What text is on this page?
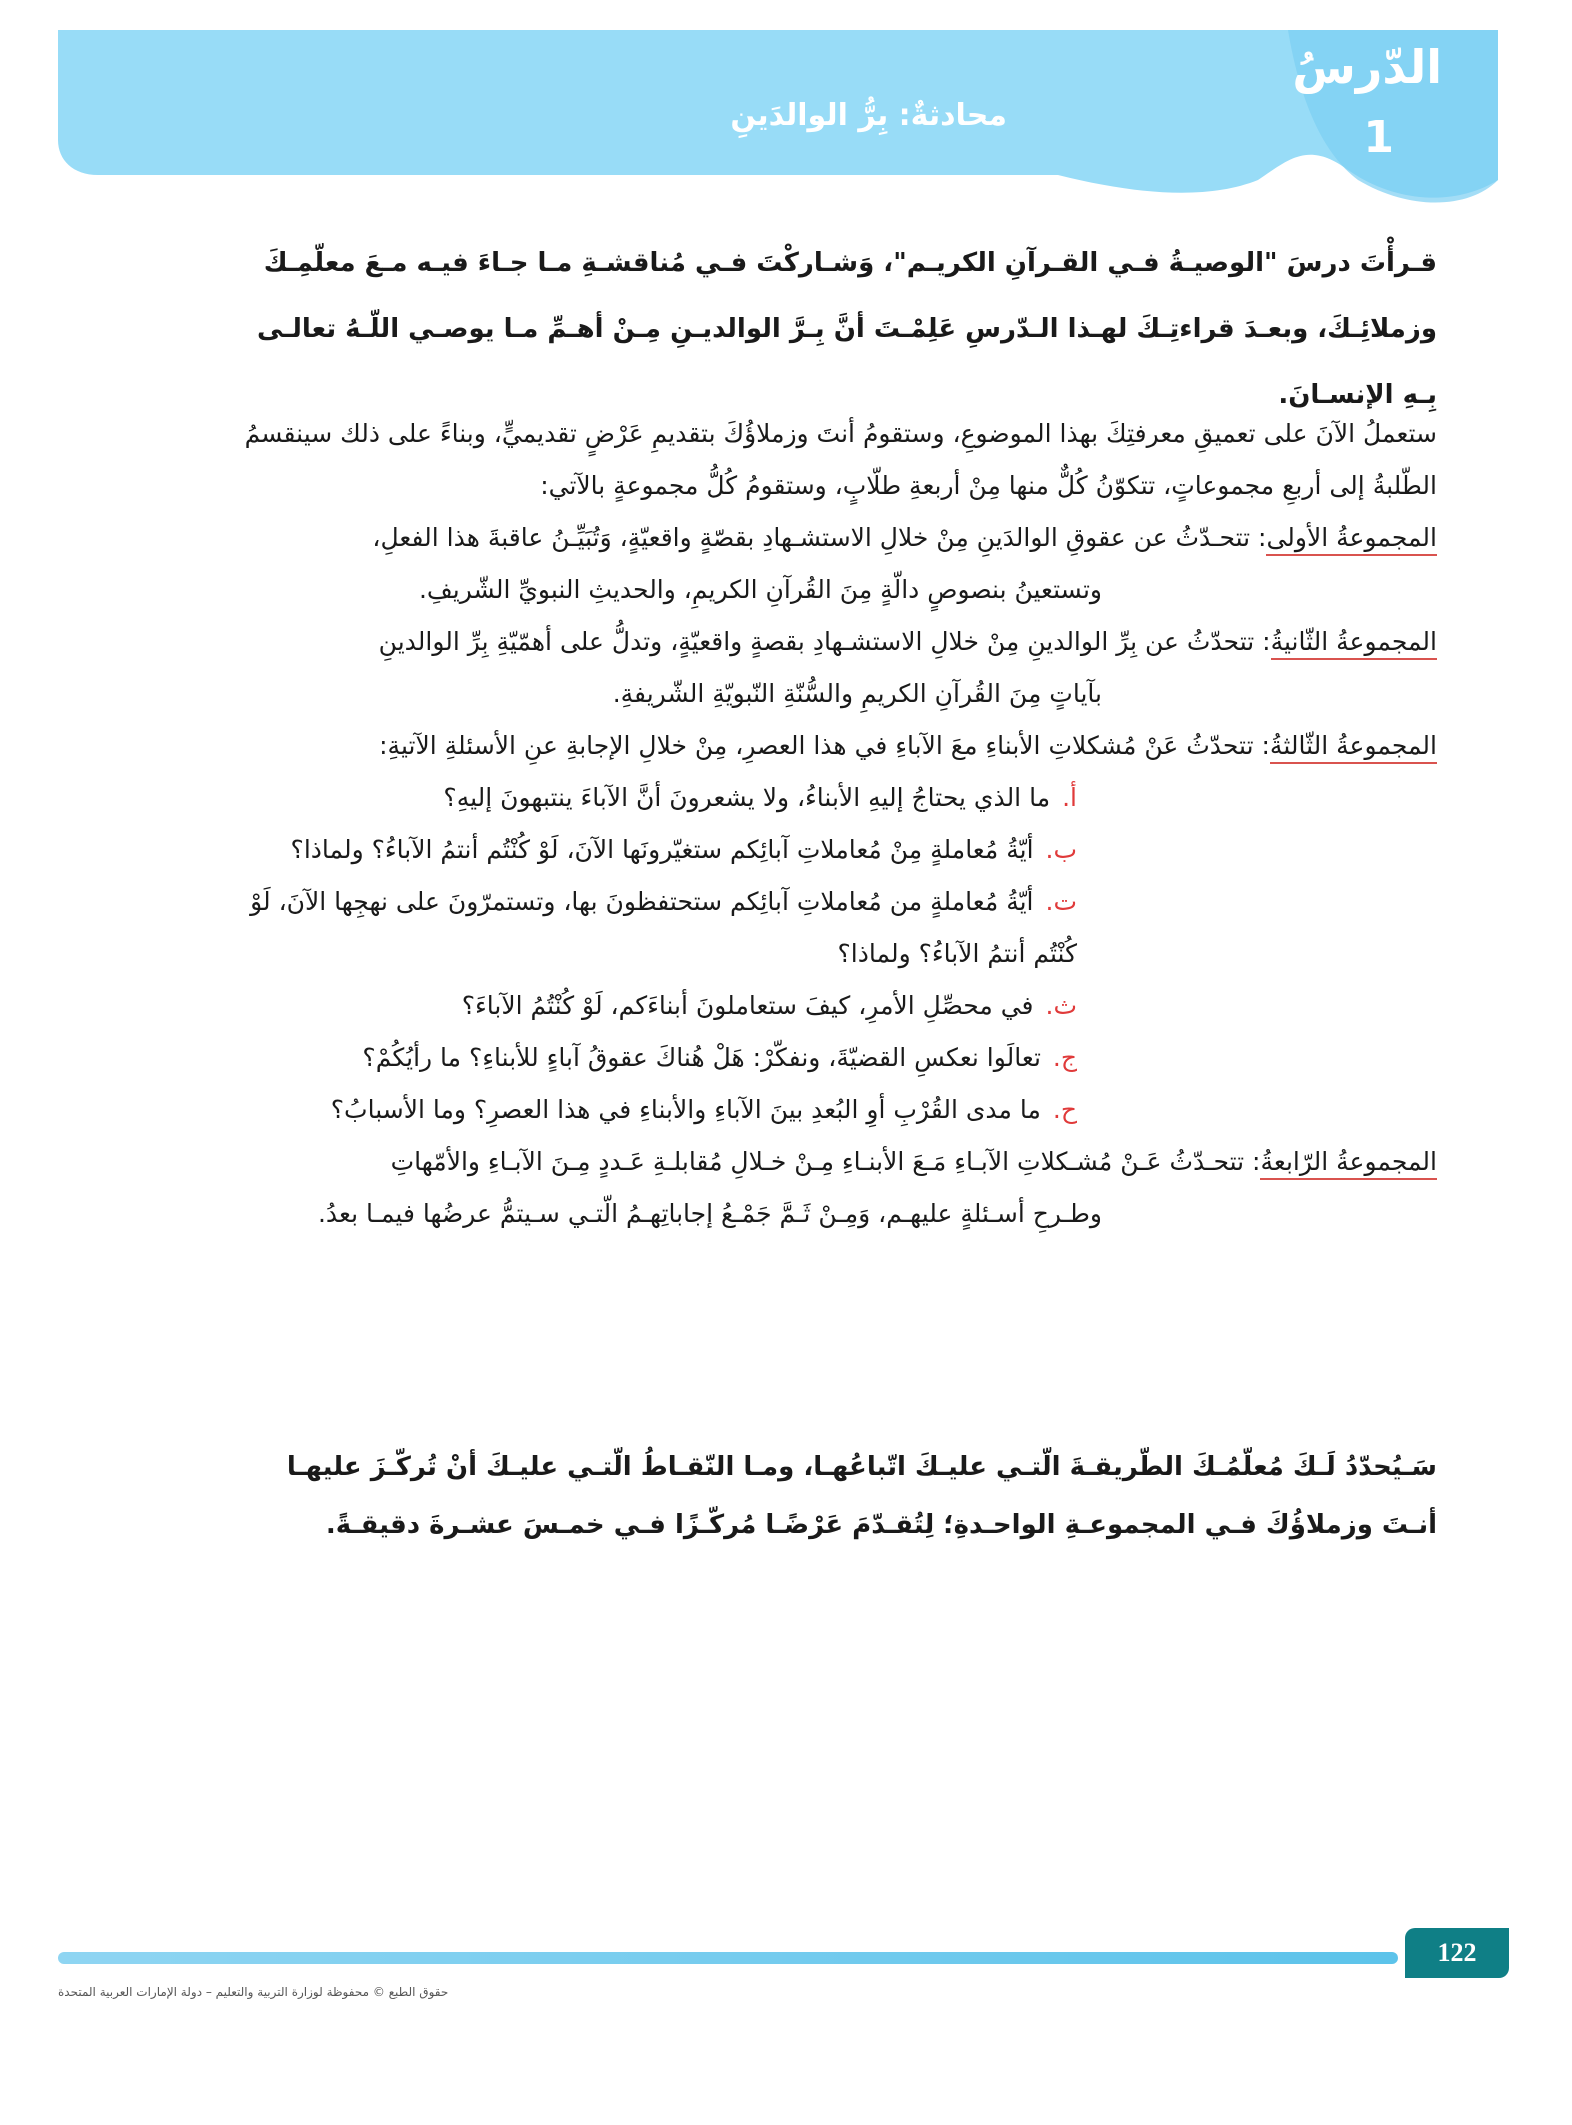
محادثةٌ: بِرُّ الوالدَينِ
الدّرسُ
1
قـرأْتَ درسَ "الوصيـةُ فـي القـرآنِ الكريـم"، وَشـاركْتَ فـي مُناقشـةِ مـا جـاءَ فيـه مـعَ معلّمِـكَ وزملائِـكَ، وبعـدَ قراءتِـكَ لهـذا الـدّرسِ عَلِمْـتَ أنَّ بِـرَّ الوالديـنِ مِـنْ أهـمِّ مـا يوصـي اللّـهُ تعالـى بِـهِ الإنسـانَ.

ستعملُ الآنَ على تعميقِ معرفتِكَ بهذا الموضوعِ، وستقومُ أنتَ وزملاؤُكَ بتقديمِ عَرْضٍ تقديميٍّ، وبناءً على ذلك سينقسمُ الطّلبةُ إلى أربعِ مجموعاتٍ، تتكوّنُ كُلٌّ منها مِنْ أربعةِ طلّابٍ، وستقومُ كُلُّ مجموعةٍ بالآتي:

المجموعةُ الأولى: تتحـدّثُ عن عقوقِ الوالدَينِ مِنْ خلالِ الاستشـهادِ بقصّةٍ واقعيّةٍ، وَتُبَيِّـنُ عاقبةَ هذا الفعلِ،

وتستعينُ بنصوصٍ دالّةٍ مِنَ القُرآنِ الكريمِ، والحديثِ النبويِّ الشّريفِ.

المجموعةُ الثّانيةُ: تتحدّثُ عن بِرِّ الوالدينِ مِنْ خلالِ الاستشـهادِ بقصةٍ واقعيّةٍ، وتدلُّ على أهمّيّةِ بِرِّ الوالدينِ

بآياتٍ مِنَ القُرآنِ الكريمِ والسُّنّةِ النّبويّةِ الشّريفةِ.

المجموعةُ الثّالثةُ: تتحدّثُ عَنْ مُشكلاتِ الأبناءِ معَ الآباءِ في هذا العصرِ، مِنْ خلالِ الإجابةِ عنِ الأسئلةِ الآتيةِ:

أ.ما الذي يحتاجُ إليهِ الأبناءُ، ولا يشعرونَ أنَّ الآباءَ ينتبهونَ إليهِ؟

ب.أيّةُ مُعاملةٍ مِنْ مُعاملاتِ آبائِكم ستغيّرونَها الآنَ، لَوْ كُنْتُم أنتمُ الآباءُ؟ ولماذا؟

ت.أيّةُ مُعاملةٍ من مُعاملاتِ آبائِكم ستحتفظونَ بها، وتستمرّونَ على نهجِها الآنَ، لَوْ كُنْتُم أنتمُ الآباءُ؟ ولماذا؟

ث.في محصِّلِ الأمرِ، كيفَ ستعاملونَ أبناءَكم، لَوْ كُنْتُمُ الآباءَ؟

ج.تعالَوا نعكسِ القضيّةَ، ونفكّرْ: هَلْ هُناكَ عقوقُ آباءٍ للأبناءِ؟ ما رأيُكُمْ؟

ح.ما مدى القُرْبِ أوِ البُعدِ بينَ الآباءِ والأبناءِ في هذا العصرِ؟ وما الأسبابُ؟

المجموعةُ الرّابعةُ: تتحـدّثُ عَـنْ مُشـكلاتِ الآبـاءِ مَـعَ الأبنـاءِ مِـنْ خـلالِ مُقابلـةِ عَـددٍ مِـنَ الآبـاءِ والأمّهاتِ

وطـرحِ أسـئلةٍ عليهـم، وَمِـنْ ثَـمَّ جَمْـعُ إجاباتِهـمُ الّتـي سـيتمُّ عرضُها فيمـا بعدُ.

سَـيُحدّدُ لَـكَ مُعلّمُـكَ الطّريقـةَ الّتـي عليـكَ اتّباعُهـا، ومـا النّقـاطُ الّتـي عليـكَ أنْ تُركّـزَ عليهـا أنـتَ وزملاؤُكَ فـي المجموعـةِ الواحـدةِ؛ لِتُقـدّمَ عَرْضًـا مُركّـزًا فـي خمـسَ عشـرةَ دقيقـةً.
122
حقوق الطبع © محفوظة لوزارة التربية والتعليم – دولة الإمارات العربية المتحدة
